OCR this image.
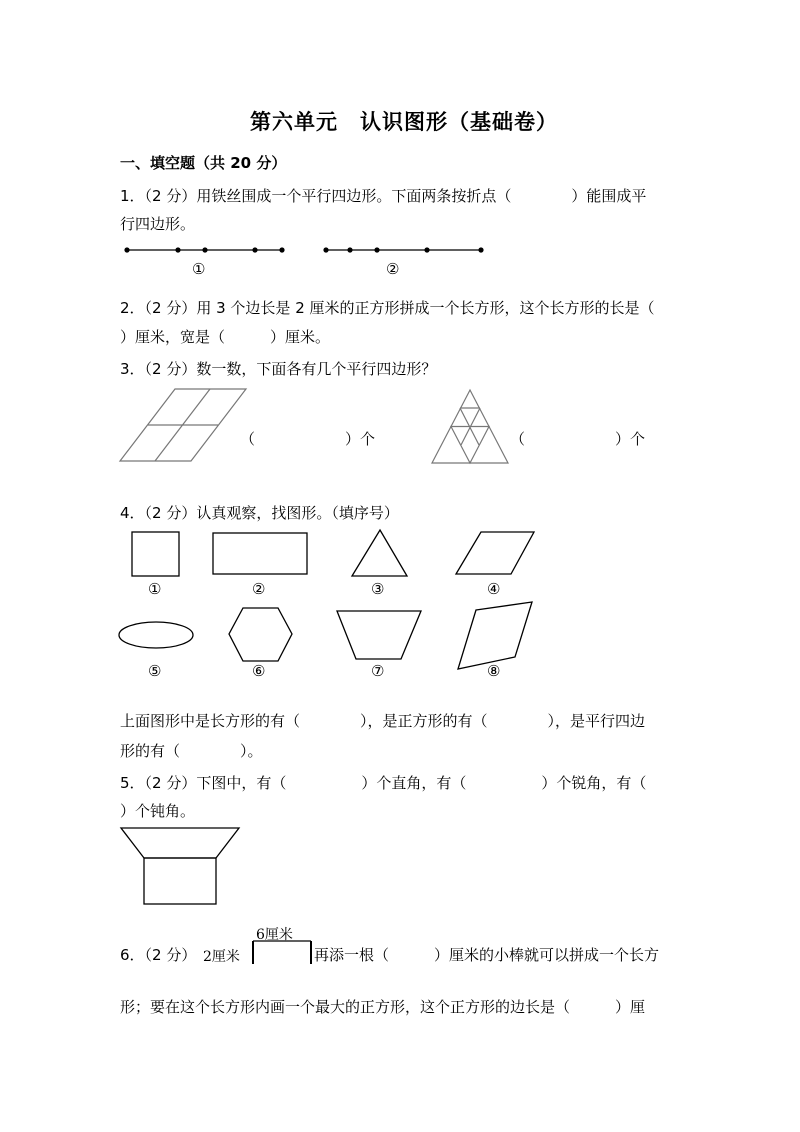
第六单元　认识图形（基础卷）
一、填空题（共 20 分）
1．（2 分）用铁丝围成一个平行四边形。下面两条按折点（　　　　）能围成平
行四边形。
①	②
2．（2 分）用 3 个边长是 2 厘米的正方形拼成一个长方形，这个长方形的长是（
）厘米，宽是（　　　）厘米。
3．（2 分）数一数，下面各有几个平行四边形？
（　　　　　　）个	（　　　　　　）个
4．（2 分）认真观察，找图形。（填序号）
①	②	③	④
⑤	⑥	⑦	⑧
上面图形中是长方形的有（　　　　），是正方形的有（　　　　），是平行四边
形的有（　　　　）。
5．（2 分）下图中，有（　　　　　）个直角，有（　　　　　）个锐角，有（
）个钝角。
6．（2 分） 2厘米
6厘米
再添一根（　　　）厘米的小棒就可以拼成一个长方
形；要在这个长方形内画一个最大的正方形，这个正方形的边长是（　　　）厘
